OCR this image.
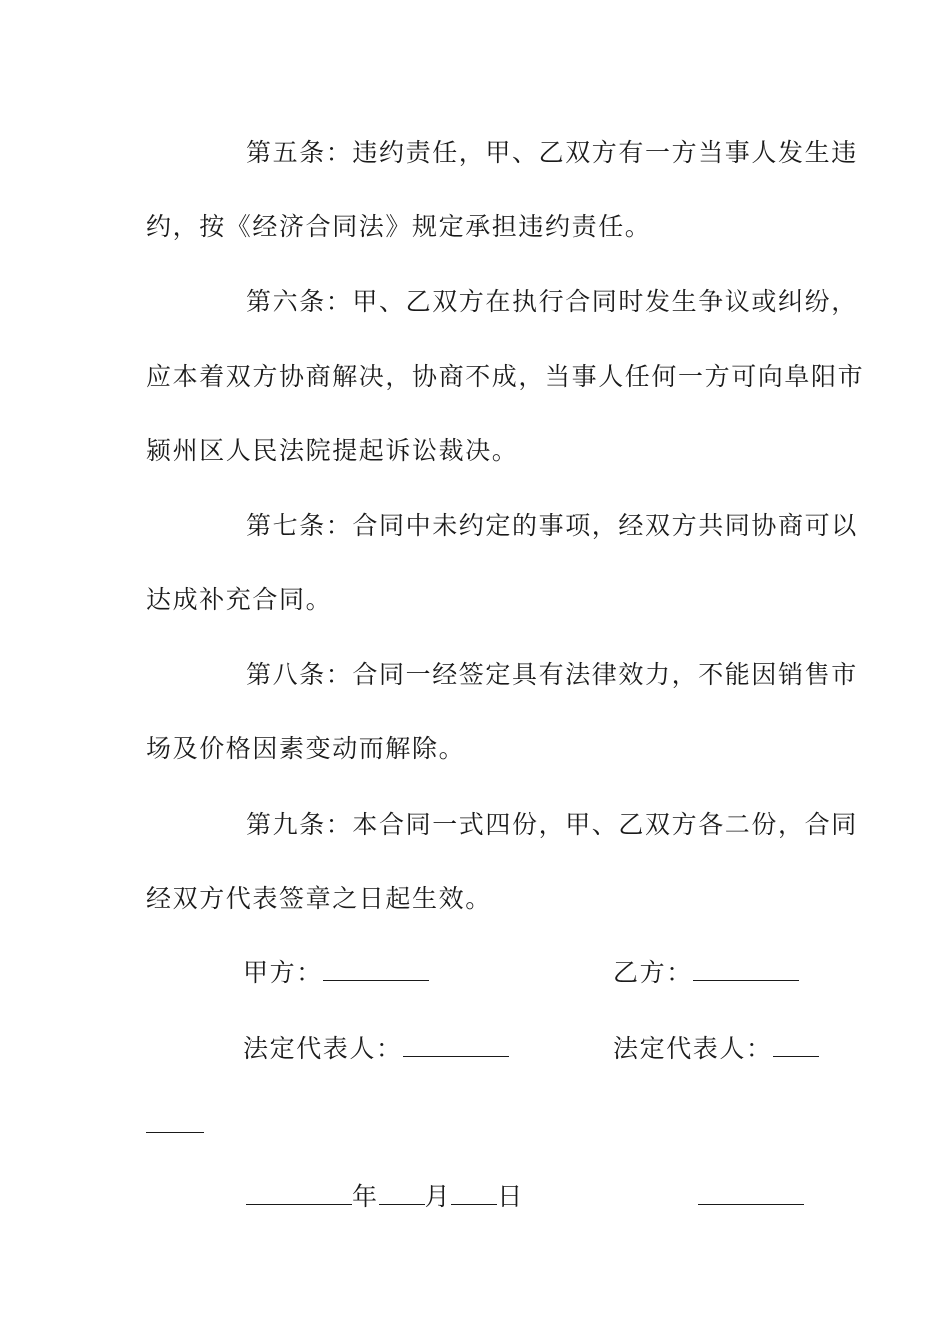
第五条：违约责任，甲、乙双方有一方当事人发生违
约，按《经济合同法》规定承担违约责任。
第六条：甲、乙双方在执行合同时发生争议或纠纷，
应本着双方协商解决，协商不成，当事人任何一方可向阜阳市
颍州区人民法院提起诉讼裁决。
第七条：合同中未约定的事项，经双方共同协商可以
达成补充合同。
第八条：合同一经签定具有法律效力，不能因销售市
场及价格因素变动而解除。
第九条：本合同一式四份，甲、乙双方各二份，合同
经双方代表签章之日起生效。
甲方：	乙方：
法定代表人：	法定代表人：
年 月 日
